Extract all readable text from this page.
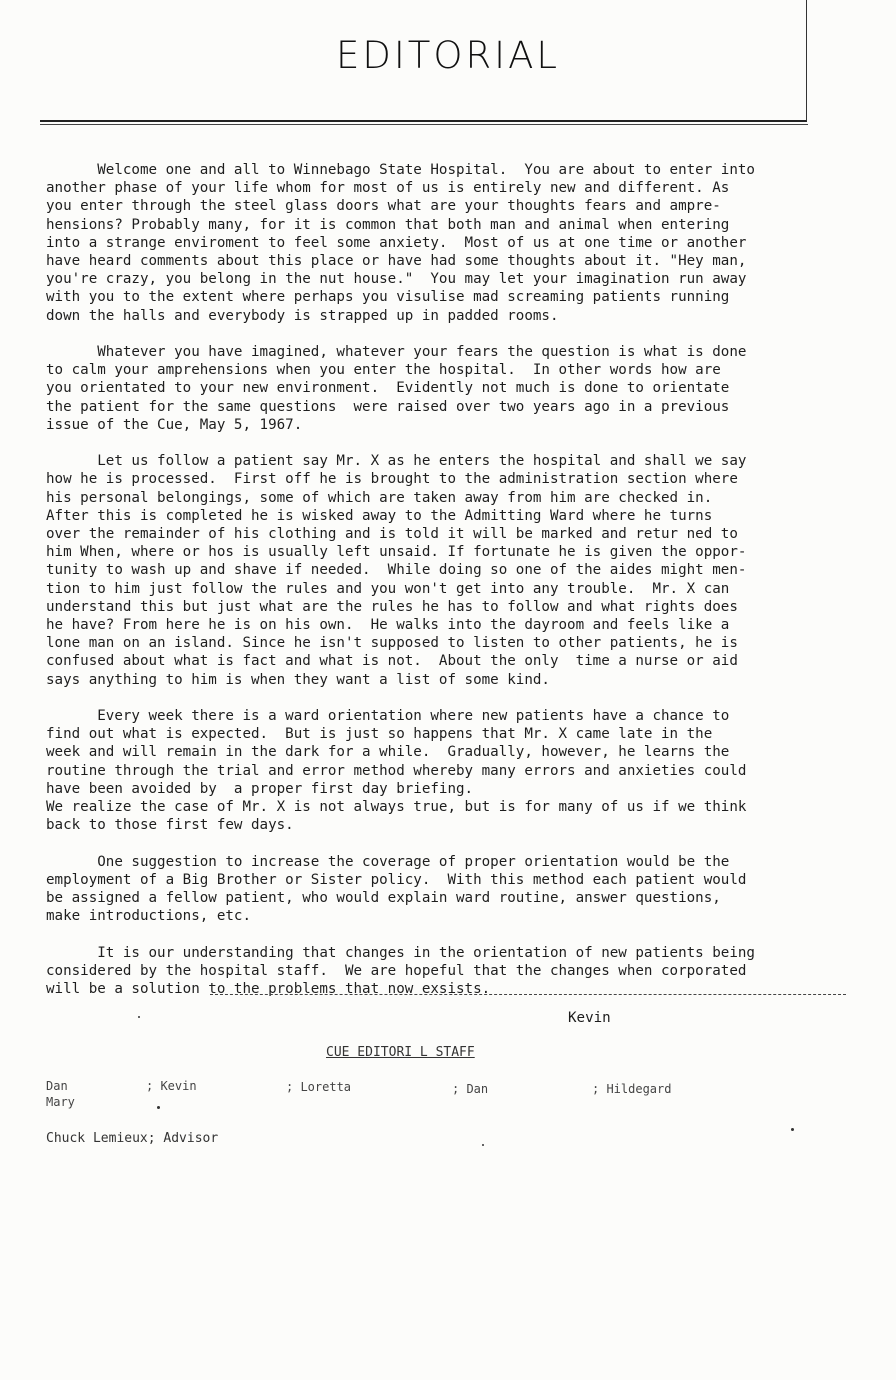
EDITORIAL

Welcome one and all to Winnebago State Hospital.  You are about to enter into
another phase of your life whom for most of us is entirely new and different. As
you enter through the steel glass doors what are your thoughts fears and ampre-
hensions? Probably many, for it is common that both man and animal when entering
into a strange enviroment to feel some anxiety.  Most of us at one time or another
have heard comments about this place or have had some thoughts about it. "Hey man,
you're crazy, you belong in the nut house."  You may let your imagination run away
with you to the extent where perhaps you visulise mad screaming patients running
down the halls and everybody is strapped up in padded rooms.

Whatever you have imagined, whatever your fears the question is what is done
to calm your amprehensions when you enter the hospital.  In other words how are
you orientated to your new environment.  Evidently not much is done to orientate
the patient for the same questions  were raised over two years ago in a previous
issue of the Cue, May 5, 1967.

Let us follow a patient say Mr. X as he enters the hospital and shall we say
how he is processed.  First off he is brought to the administration section where
his personal belongings, some of which are taken away from him are checked in.
After this is completed he is wisked away to the Admitting Ward where he turns
over the remainder of his clothing and is told it will be marked and retur ned to
him When, where or hos is usually left unsaid. If fortunate he is given the oppor-
tunity to wash up and shave if needed.  While doing so one of the aides might men-
tion to him just follow the rules and you won't get into any trouble.  Mr. X can
understand this but just what are the rules he has to follow and what rights does
he have? From here he is on his own.  He walks into the dayroom and feels like a
lone man on an island. Since he isn't supposed to listen to other patients, he is
confused about what is fact and what is not.  About the only  time a nurse or aid
says anything to him is when they want a list of some kind.

Every week there is a ward orientation where new patients have a chance to
find out what is expected.  But is just so happens that Mr. X came late in the
week and will remain in the dark for a while.  Gradually, however, he learns the
routine through the trial and error method whereby many errors and anxieties could
have been avoided by  a proper first day briefing.
We realize the case of Mr. X is not always true, but is for many of us if we think
back to those first few days.

One suggestion to increase the coverage of proper orientation would be the
employment of a Big Brother or Sister policy.  With this method each patient would
be assigned a fellow patient, who would explain ward routine, answer questions,
make introductions, etc.

It is our understanding that changes in the orientation of new patients being
considered by the hospital staff.  We are hopeful that the changes when corporated
will be a solution to the problems that now exsists.

Kevin
CUE EDITORI L STAFF
Dan	; Kevin	; Loretta	; Dan	; Hildegard
Mary
Chuck Lemieux; Advisor
